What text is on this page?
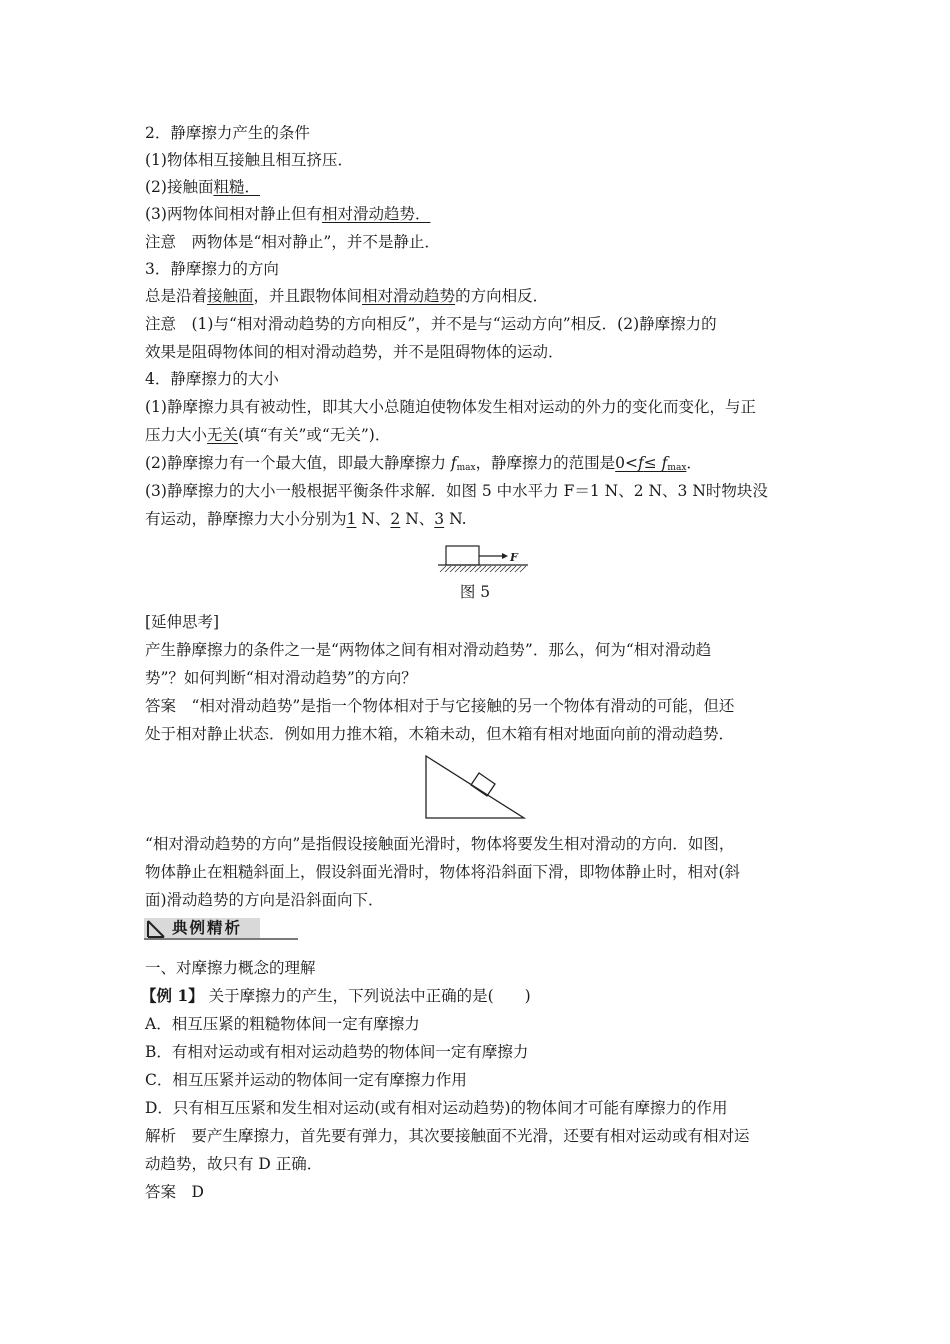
2．静摩擦力产生的条件
(1)物体相互接触且相互挤压．
(2)接触面粗糙．
(3)两物体间相对静止但有相对滑动趋势．
注意　两物体是“相对静止”，并不是静止．
3．静摩擦力的方向
总是沿着接触面，并且跟物体间相对滑动趋势的方向相反．
注意　(1)与“相对滑动趋势的方向相反”，并不是与“运动方向”相反．(2)静摩擦力的
效果是阻碍物体间的相对滑动趋势，并不是阻碍物体的运动．
4．静摩擦力的大小
(1)静摩擦力具有被动性，即其大小总随迫使物体发生相对运动的外力的变化而变化，与正
压力大小无关(填“有关”或“无关”)．
(2)静摩擦力有一个最大值，即最大静摩擦力 $f_{max}$，静摩擦力的范围是$0<f\le f_{max}$．
(3)静摩擦力的大小一般根据平衡条件求解．如图 5 中水平力 F＝1 N、2 N、3 N时物块没
有运动，静摩擦力大小分别为1 N、2 N、3 N.
F
图 5
[延伸思考]
产生静摩擦力的条件之一是“两物体之间有相对滑动趋势”．那么，何为“相对滑动趋
势”？如何判断“相对滑动趋势”的方向？
答案　“相对滑动趋势”是指一个物体相对于与它接触的另一个物体有滑动的可能，但还
处于相对静止状态．例如用力推木箱，木箱未动，但木箱有相对地面向前的滑动趋势．
“相对滑动趋势的方向”是指假设接触面光滑时，物体将要发生相对滑动的方向．如图，
物体静止在粗糙斜面上，假设斜面光滑时，物体将沿斜面下滑，即物体静止时，相对(斜
面)滑动趋势的方向是沿斜面向下．
典例精析
一、对摩擦力概念的理解
【例 1】 关于摩擦力的产生，下列说法中正确的是(　　)
A．相互压紧的粗糙物体间一定有摩擦力
B．有相对运动或有相对运动趋势的物体间一定有摩擦力
C．相互压紧并运动的物体间一定有摩擦力作用
D．只有相互压紧和发生相对运动(或有相对运动趋势)的物体间才可能有摩擦力的作用
解析　要产生摩擦力，首先要有弹力，其次要接触面不光滑，还要有相对运动或有相对运
动趋势，故只有 D 正确．
答案　D
